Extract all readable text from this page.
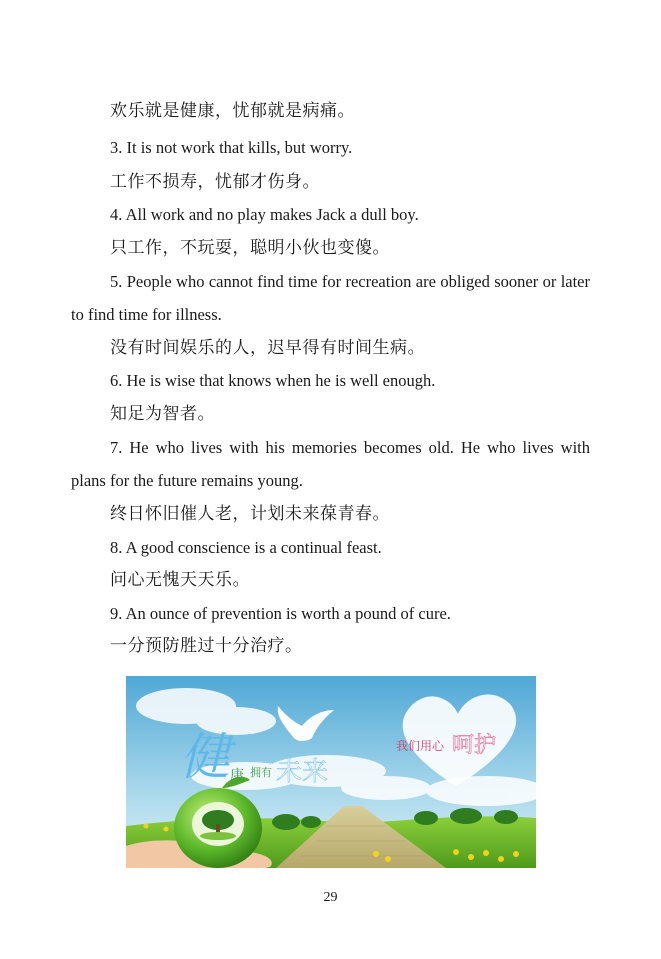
欢乐就是健康，忧郁就是病痛。
3. It is not work that kills, but worry.
工作不损寿，忧郁才伤身。
4. All work and no play makes Jack a dull boy.
只工作，不玩耍，聪明小伙也变傻。
5. People who cannot find time for recreation are obliged sooner or later to find time for illness.
没有时间娱乐的人，迟早得有时间生病。
6. He is wise that knows when he is well enough.
知足为智者。
7. He who lives with his memories becomes old. He who lives with plans for the future remains young.
终日怀旧催人老，计划未来葆青春。
8. A good conscience is a continual feast.
问心无愧天天乐。
9. An ounce of prevention is worth a pound of cure.
一分预防胜过十分治疗。
健 康 拥有 未来
我们用心 呵护
29
